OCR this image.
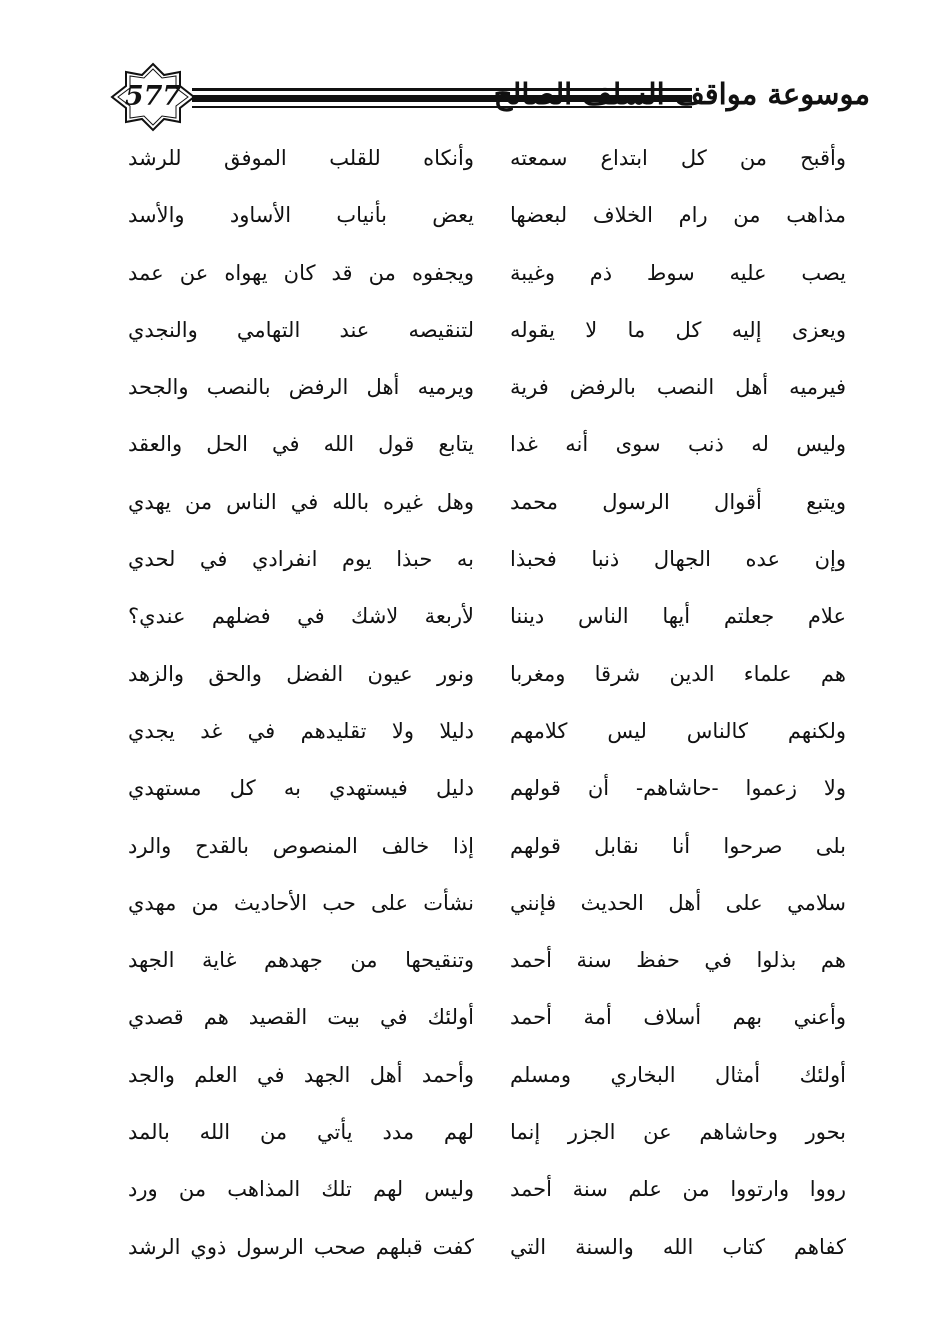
577	موسوعة مواقف السلف الصالح
وأقبح من كل ابتداع سمعته
وأنكاه للقلب الموفق للرشد
مذاهب من رام الخلاف لبعضها
يعض بأنياب الأساود والأسد
يصب عليه سوط ذم وغيبة
ويجفوه من قد كان يهواه عن عمد
ويعزى إليه كل ما لا يقوله
لتنقيصه عند التهامي والنجدي
فيرميه أهل النصب بالرفض فرية
ويرميه أهل الرفض بالنصب والجحد
وليس له ذنب سوى أنه غدا
يتابع قول الله في الحل والعقد
ويتبع أقوال الرسول محمد
وهل غيره بالله في الناس من يهدي
وإن عده الجهال ذنبا فحبذا
به حبذا يوم انفرادي في لحدي
علام جعلتم أيها الناس ديننا
لأربعة لاشك في فضلهم عندي؟
هم علماء الدين شرقا ومغربا
ونور عيون الفضل والحق والزهد
ولكنهم كالناس ليس كلامهم
دليلا ولا تقليدهم في غد يجدي
ولا زعموا -حاشاهم- أن قولهم
دليل فيستهدي به كل مستهدي
بلى صرحوا أنا نقابل قولهم
إذا خالف المنصوص بالقدح والرد
سلامي على أهل الحديث فإنني
نشأت على حب الأحاديث من مهدي
هم بذلوا في حفظ سنة أحمد
وتنقيحها من جهدهم غاية الجهد
وأعني بهم أسلاف أمة أحمد
أولئك في بيت القصيد هم قصدي
أولئك أمثال البخاري ومسلم
وأحمد أهل الجهد في العلم والجد
بحور وحاشاهم عن الجزر إنما
لهم مدد يأتي من الله بالمد
رووا وارتووا من علم سنة أحمد
وليس لهم تلك المذاهب من ورد
كفاهم كتاب الله والسنة التي
كفت قبلهم صحب الرسول ذوي الرشد
